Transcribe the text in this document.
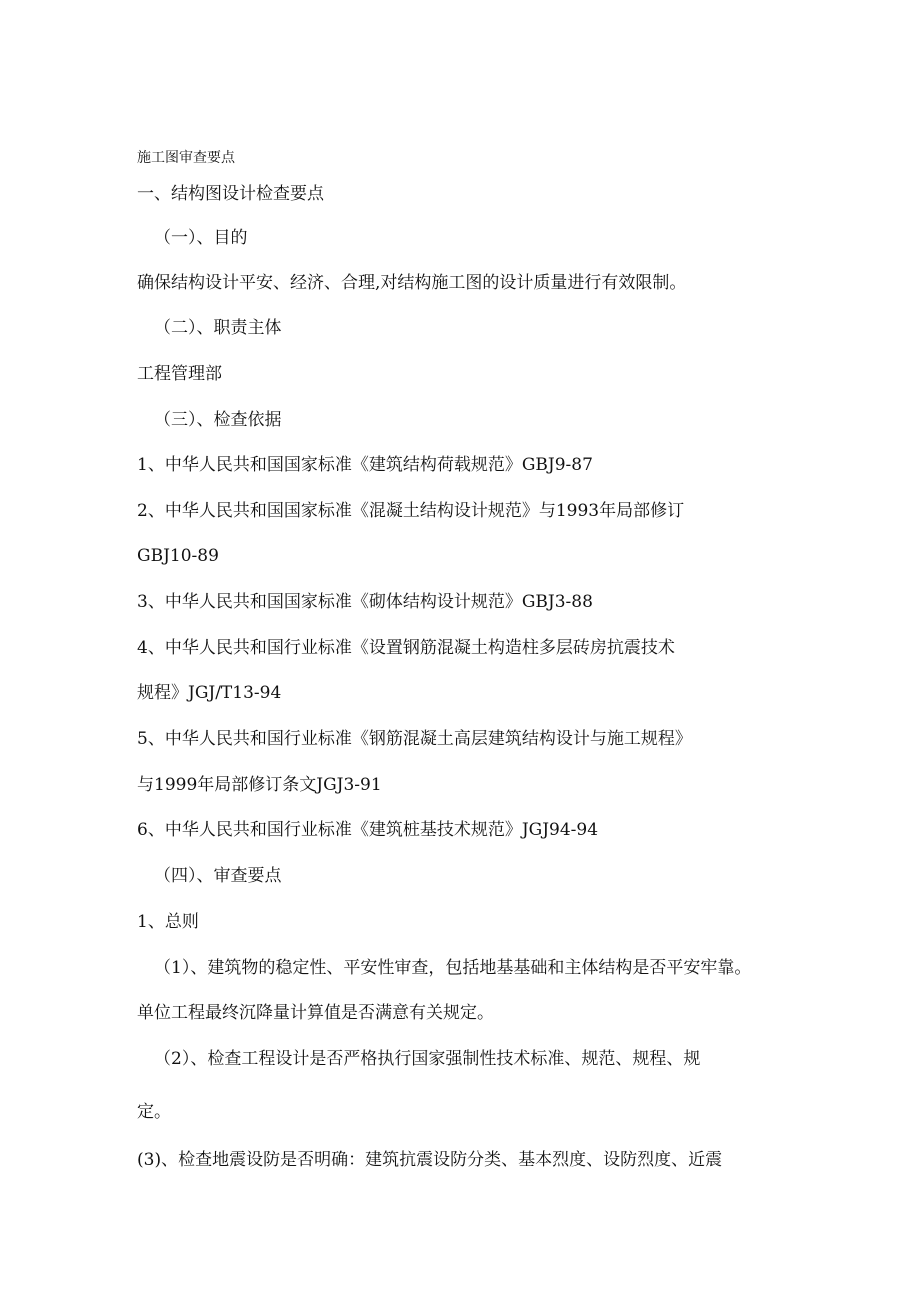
施工图审查要点
一、结构图设计检查要点
（一）、目的
确保结构设计平安、经济、合理,对结构施工图的设计质量进行有效限制。
（二）、职责主体
工程管理部
（三）、检查依据
1、中华人民共和国国家标准《建筑结构荷载规范》GBJ9-87
2、中华人民共和国国家标准《混凝土结构设计规范》与1993年局部修订
GBJ10-89
3、中华人民共和国国家标准《砌体结构设计规范》GBJ3-88
4、中华人民共和国行业标准《设置钢筋混凝土构造柱多层砖房抗震技术
规程》JGJ/T13-94
5、中华人民共和国行业标准《钢筋混凝土高层建筑结构设计与施工规程》
与1999年局部修订条文JGJ3-91
6、中华人民共和国行业标准《建筑桩基技术规范》JGJ94-94
（四）、审查要点
1、总则
（1）、建筑物的稳定性、平安性审查，包括地基基础和主体结构是否平安牢靠。
单位工程最终沉降量计算值是否满意有关规定。
（2）、检查工程设计是否严格执行国家强制性技术标准、规范、规程、规
定。
(3)、检查地震设防是否明确：建筑抗震设防分类、基本烈度、设防烈度、近震
